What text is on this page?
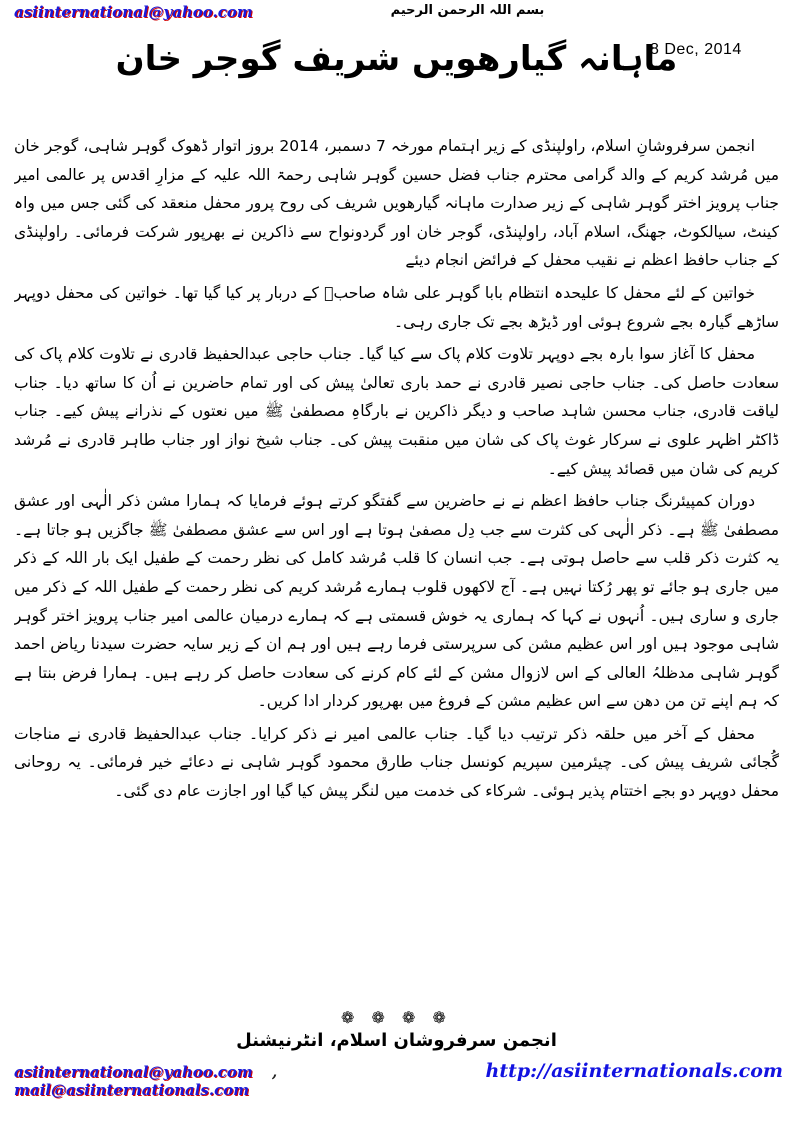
asiinternational@yahoo.com	بسم اللہ الرحمن الرحیم
8 Dec, 2014
ماہانہ گیارھویں شریف گوجر خان

انجمن سرفروشانِ اسلام، راولپنڈی کے زیر اہتمام مورخہ 7 دسمبر، 2014 بروز اتوار ڈھوک گوہر شاہی، گوجر خان میں مُرشد کریم کے والد گرامی محترم جناب فضل حسین گوہر شاہی رحمۃ اللہ علیہ کے مزارِ اقدس پر عالمی امیر جناب پرویز اختر گوہر شاہی کے زیر صدارت ماہانہ گیارھویں شریف کی روح پرور محفل منعقد کی گئی جس میں واہ کینٹ، سیالکوٹ، جھنگ، اسلام آباد، راولپنڈی، گوجر خان اور گردونواح سے ذاکرین نے بھرپور شرکت فرمائی۔ راولپنڈی کے جناب حافظ اعظم نے نقیب محفل کے فرائض انجام دیئے

خواتین کے لئے محفل کا علیحدہ انتظام بابا گوہر علی شاہ صاحبؒ کے دربار پر کیا گیا تھا۔ خواتین کی محفل دوپہر ساڑھے گیارہ بجے شروع ہوئی اور ڈیڑھ بجے تک جاری رہی۔

محفل کا آغاز سوا بارہ بجے دوپہر تلاوت کلام پاک سے کیا گیا۔ جناب حاجی عبدالحفیظ قادری نے تلاوت کلام پاک کی سعادت حاصل کی۔ جناب حاجی نصیر قادری نے حمد باری تعالیٰ پیش کی اور تمام حاضرین نے اُن کا ساتھ دیا۔ جناب لیاقت قادری، جناب محسن شاہد صاحب و دیگر ذاکرین نے بارگاہِ مصطفیٰ ﷺ میں نعتوں کے نذرانے پیش کیے۔ جناب ڈاکٹر اظہر علوی نے سرکار غوث پاک کی شان میں منقبت پیش کی۔ جناب شیخ نواز اور جناب طاہر قادری نے مُرشد کریم کی شان میں قصائد پیش کیے۔

دوران کمپیئرنگ جناب حافظ اعظم نے نے حاضرین سے گفتگو کرتے ہوئے فرمایا کہ ہمارا مشن ذکر الٰہی اور عشق مصطفیٰ ﷺ ہے۔ ذکر الٰہی کی کثرت سے جب دِل مصفیٰ ہوتا ہے اور اس سے عشق مصطفیٰ ﷺ جاگزیں ہو جاتا ہے۔ یہ کثرت ذکر قلب سے حاصل ہوتی ہے۔ جب انسان کا قلب مُرشد کامل کی نظر رحمت کے طفیل ایک بار اللہ کے ذکر میں جاری ہو جائے تو پھر رُکتا نہیں ہے۔ آج لاکھوں قلوب ہمارے مُرشد کریم کی نظر رحمت کے طفیل اللہ کے ذکر میں جاری و ساری ہیں۔ اُنہوں نے کہا کہ ہماری یہ خوش قسمتی ہے کہ ہمارے درمیان عالمی امیر جناب پرویز اختر گوہر شاہی موجود ہیں اور اس عظیم مشن کی سرپرستی فرما رہے ہیں اور ہم ان کے زیر سایہ حضرت سیدنا ریاض احمد گوہر شاہی مدظلہُ العالی کے اس لازوال مشن کے لئے کام کرنے کی سعادت حاصل کر رہے ہیں۔ ہمارا فرض بنتا ہے کہ ہم اپنے تن من دھن سے اس عظیم مشن کے فروغ میں بھرپور کردار ادا کریں۔

محفل کے آخر میں حلقہ ذکر ترتیب دیا گیا۔ جناب عالمی امیر نے ذکر کرایا۔ جناب عبدالحفیظ قادری نے مناجات گُجائی شریف پیش کی۔ چیئرمین سپریم کونسل جناب طارق محمود گوہر شاہی نے دعائے خیر فرمائی۔ یہ روحانی محفل دوپہر دو بجے اختتام پذیر ہوئی۔ شرکاء کی خدمت میں لنگر پیش کیا گیا اور اجازت عام دی گئی۔

❁ ❁ ❁ ❁
انجمن سرفروشان اسلام، انٹرنیشنل
asiinternational@yahoo.com , mail@asiinternationals.com
http://asiinternationals.com
